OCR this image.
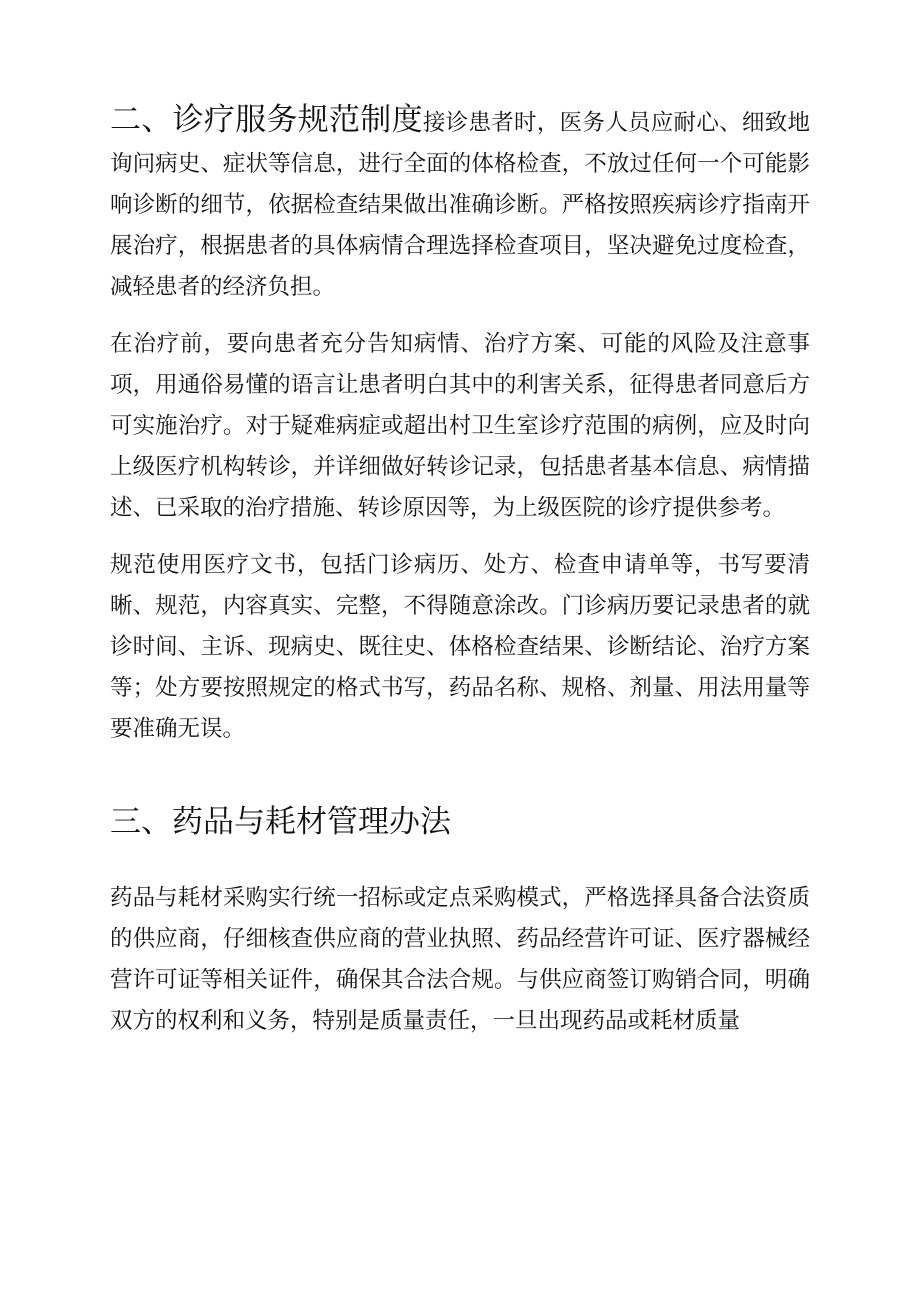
二、诊疗服务规范制度接诊患者时，医务人员应耐心、细致地询问病史、症状等信息，进行全面的体格检查，不放过任何一个可能影响诊断的细节，依据检查结果做出准确诊断。严格按照疾病诊疗指南开展治疗，根据患者的具体病情合理选择检查项目，坚决避免过度检查，减轻患者的经济负担。

在治疗前，要向患者充分告知病情、治疗方案、可能的风险及注意事项，用通俗易懂的语言让患者明白其中的利害关系，征得患者同意后方可实施治疗。对于疑难病症或超出村卫生室诊疗范围的病例，应及时向上级医疗机构转诊，并详细做好转诊记录，包括患者基本信息、病情描述、已采取的治疗措施、转诊原因等，为上级医院的诊疗提供参考。

规范使用医疗文书，包括门诊病历、处方、检查申请单等，书写要清晰、规范，内容真实、完整，不得随意涂改。门诊病历要记录患者的就诊时间、主诉、现病史、既往史、体格检查结果、诊断结论、治疗方案等；处方要按照规定的格式书写，药品名称、规格、剂量、用法用量等要准确无误。

三、药品与耗材管理办法

药品与耗材采购实行统一招标或定点采购模式，严格选择具备合法资质的供应商，仔细核查供应商的营业执照、药品经营许可证、医疗器械经营许可证等相关证件，确保其合法合规。与供应商签订购销合同，明确双方的权利和义务，特别是质量责任，一旦出现药品或耗材质量
